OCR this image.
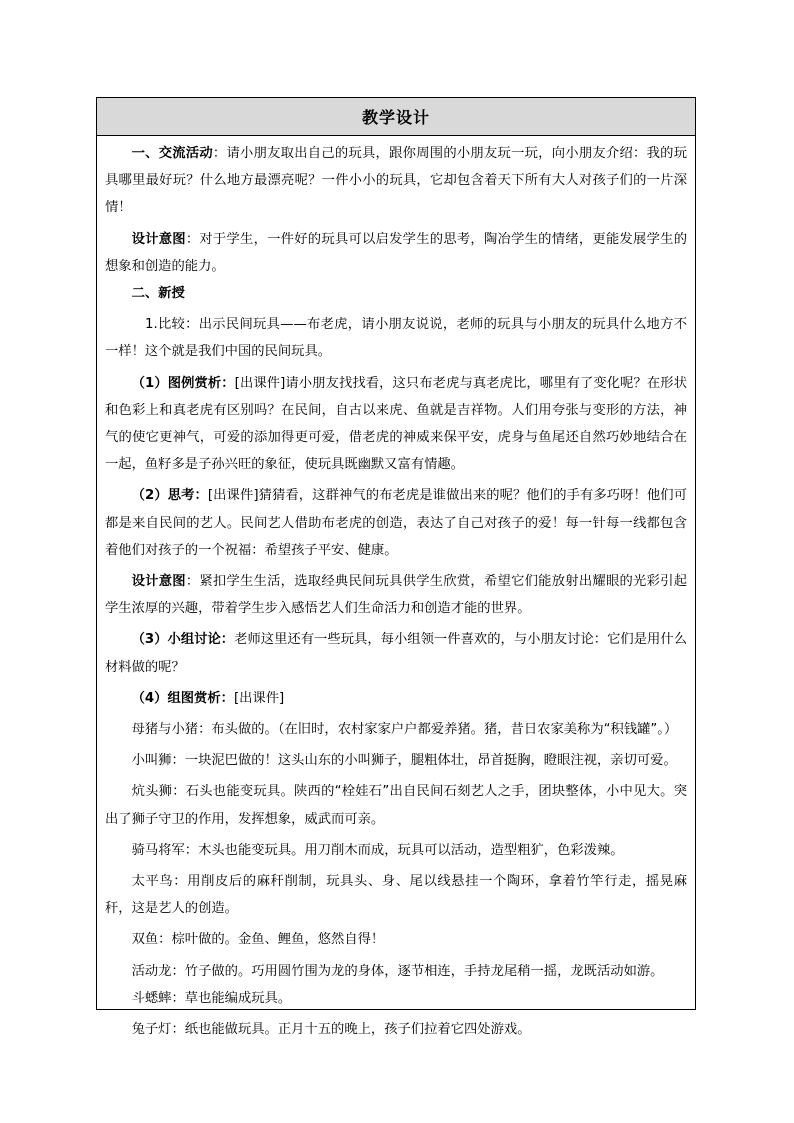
教学设计

一、交流活动：请小朋友取出自己的玩具，跟你周围的小朋友玩一玩，向小朋友介绍：我的玩具哪里最好玩？什么地方最漂亮呢？一件小小的玩具，它却包含着天下所有大人对孩子们的一片深情！

设计意图：对于学生，一件好的玩具可以启发学生的思考，陶冶学生的情绪，更能发展学生的想象和创造的能力。

二、新授

1.比较：出示民间玩具——布老虎，请小朋友说说，老师的玩具与小朋友的玩具什么地方不一样！这个就是我们中国的民间玩具。

（1）图例赏析：[出课件]请小朋友找找看，这只布老虎与真老虎比，哪里有了变化呢？在形状和色彩上和真老虎有区别吗？在民间，自古以来虎、鱼就是吉祥物。人们用夸张与变形的方法，神气的使它更神气，可爱的添加得更可爱，借老虎的神威来保平安，虎身与鱼尾还自然巧妙地结合在一起，鱼籽多是子孙兴旺的象征，使玩具既幽默又富有情趣。

（2）思考：[出课件]猜猜看，这群神气的布老虎是谁做出来的呢？他们的手有多巧呀！他们可都是来自民间的艺人。民间艺人借助布老虎的创造，表达了自己对孩子的爱！每一针每一线都包含着他们对孩子的一个祝福：希望孩子平安、健康。

设计意图：紧扣学生生活，选取经典民间玩具供学生欣赏，希望它们能放射出耀眼的光彩引起学生浓厚的兴趣，带着学生步入感悟艺人们生命活力和创造才能的世界。

（3）小组讨论：老师这里还有一些玩具，每小组领一件喜欢的，与小朋友讨论：它们是用什么材料做的呢？

（4）组图赏析：[出课件]

母猪与小猪：布头做的。（在旧时，农村家家户户都爱养猪。猪，昔日农家美称为“积钱罐”。）

小叫狮：一块泥巴做的！这头山东的小叫狮子，腿粗体壮，昂首挺胸，瞪眼注视，亲切可爱。

炕头狮：石头也能变玩具。陕西的“栓娃石”出自民间石刻艺人之手，团块整体，小中见大。突出了狮子守卫的作用，发挥想象，威武而可亲。

骑马将军：木头也能变玩具。用刀削木而成，玩具可以活动，造型粗犷，色彩泼辣。

太平鸟：用削皮后的麻秆削制，玩具头、身、尾以线悬挂一个陶环，拿着竹竿行走，摇晃麻秆，这是艺人的创造。

双鱼：棕叶做的。金鱼、鲤鱼，悠然自得！

活动龙：竹子做的。巧用圆竹围为龙的身体，逐节相连，手持龙尾稍一摇，龙既活动如游。

斗蟋蟀：草也能编成玩具。

兔子灯：纸也能做玩具。正月十五的晚上，孩子们拉着它四处游戏。
